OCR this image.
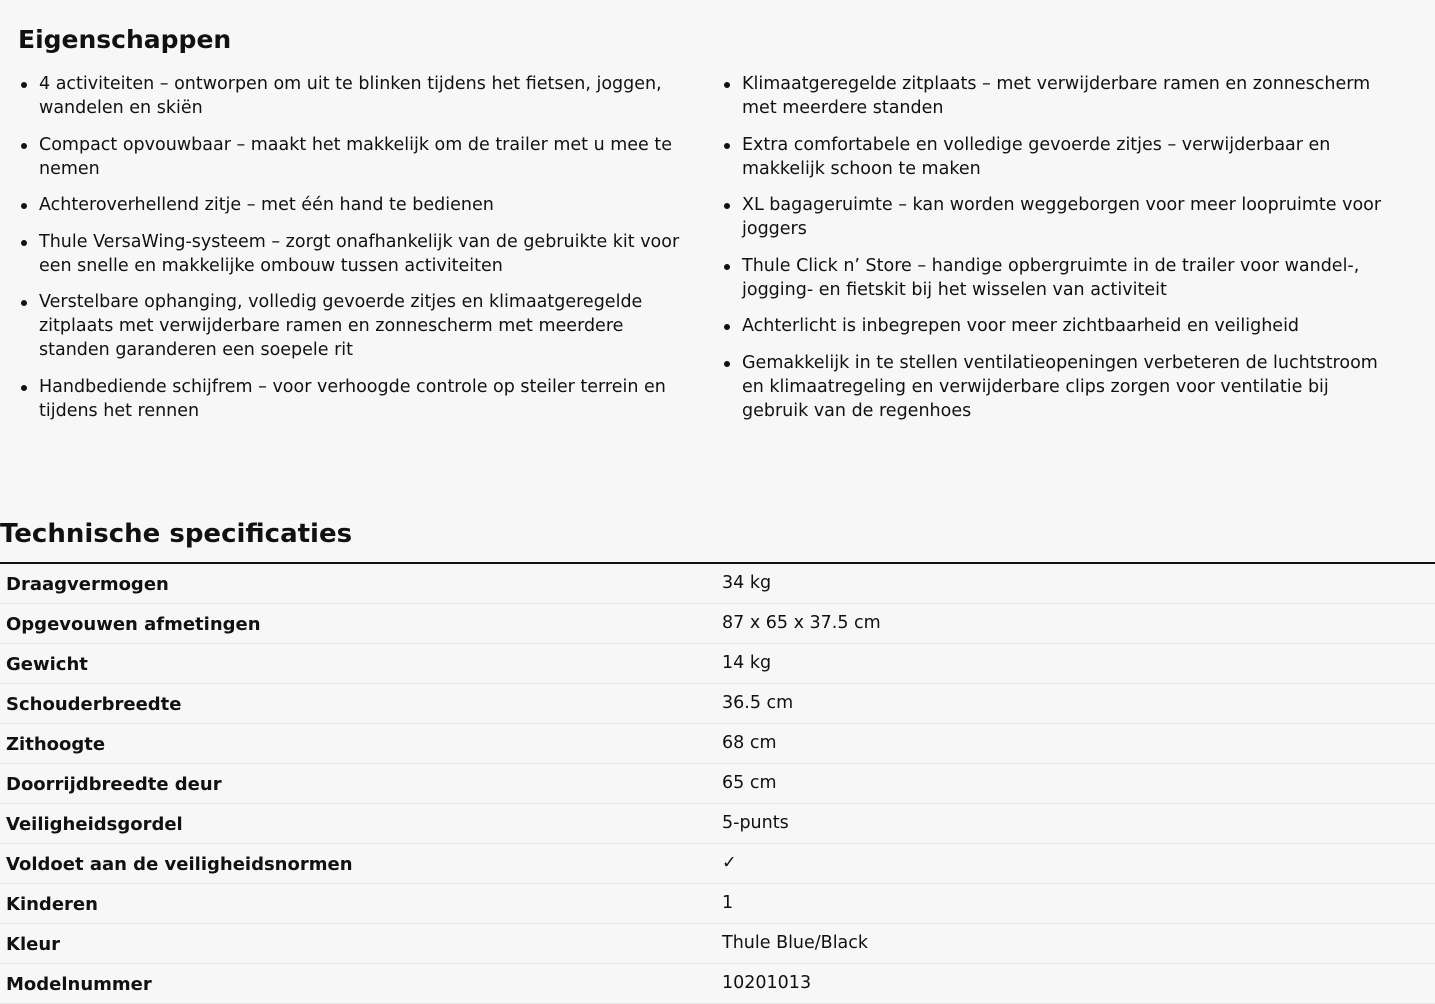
Eigenschappen
4 activiteiten – ontworpen om uit te blinken tijdens het fietsen, joggen, wandelen en skiën
Compact opvouwbaar – maakt het makkelijk om de trailer met u mee te nemen
Achteroverhellend zitje – met één hand te bedienen
Thule VersaWing-systeem – zorgt onafhankelijk van de gebruikte kit voor een snelle en makkelijke ombouw tussen activiteiten
Verstelbare ophanging, volledig gevoerde zitjes en klimaatgeregelde zitplaats met verwijderbare ramen en zonnescherm met meerdere standen garanderen een soepele rit
Handbediende schijfrem – voor verhoogde controle op steiler terrein en tijdens het rennen
Klimaatgeregelde zitplaats – met verwijderbare ramen en zonnescherm met meerdere standen
Extra comfortabele en volledige gevoerde zitjes – verwijderbaar en makkelijk schoon te maken
XL bagageruimte – kan worden weggeborgen voor meer loopruimte voor joggers
Thule Click n’ Store – handige opbergruimte in de trailer voor wandel-, jogging- en fietskit bij het wisselen van activiteit
Achterlicht is inbegrepen voor meer zichtbaarheid en veiligheid
Gemakkelijk in te stellen ventilatieopeningen verbeteren de luchtstroom en klimaatregeling en verwijderbare clips zorgen voor ventilatie bij gebruik van de regenhoes
Technische specificaties
Draagvermogen	34 kg
Opgevouwen afmetingen	87 x 65 x 37.5 cm
Gewicht	14 kg
Schouderbreedte	36.5 cm
Zithoogte	68 cm
Doorrijdbreedte deur	65 cm
Veiligheidsgordel	5-punts
Voldoet aan de veiligheidsnormen	✓
Kinderen	1
Kleur	Thule Blue/Black
Modelnummer	10201013
